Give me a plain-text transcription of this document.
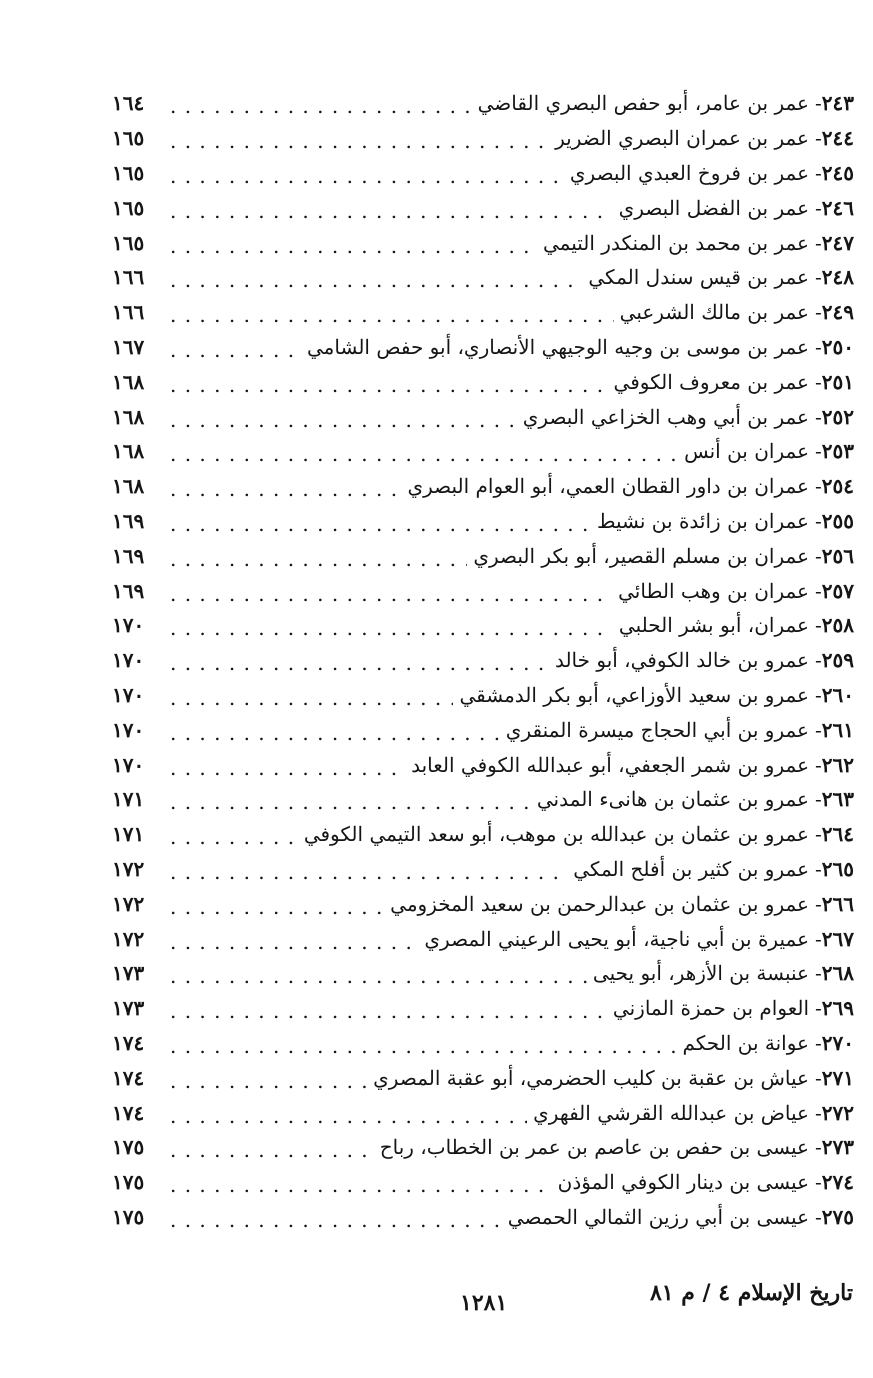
٢٤٣
-
عمر بن عامر، أبو حفص البصري القاضي
. . .
١٦٤
٢٤٤
-
عمر بن عمران البصري الضرير
. . .
١٦٥
٢٤٥
-
عمر بن فروخ العبدي البصري
. . .
١٦٥
٢٤٦
-
عمر بن الفضل البصري
. . .
١٦٥
٢٤٧
-
عمر بن محمد بن المنكدر التيمي
. . .
١٦٥
٢٤٨
-
عمر بن قيس سندل المكي
. . .
١٦٦
٢٤٩
-
عمر بن مالك الشرعبي
. . .
١٦٦
٢٥٠
-
عمر بن موسى بن وجيه الوجيهي الأنصاري، أبو حفص الشامي
. . .
١٦٧
٢٥١
-
عمر بن معروف الكوفي
. . .
١٦٨
٢٥٢
-
عمر بن أبي وهب الخزاعي البصري
. . .
١٦٨
٢٥٣
-
عمران بن أنس
. . .
١٦٨
٢٥٤
-
عمران بن داور القطان العمي، أبو العوام البصري
. . .
١٦٨
٢٥٥
-
عمران بن زائدة بن نشيط
. . .
١٦٩
٢٥٦
-
عمران بن مسلم القصير، أبو بكر البصري
. . .
١٦٩
٢٥٧
-
عمران بن وهب الطائي
. . .
١٦٩
٢٥٨
-
عمران، أبو بشر الحلبي
. . .
١٧٠
٢٥٩
-
عمرو بن خالد الكوفي، أبو خالد
. . .
١٧٠
٢٦٠
-
عمرو بن سعيد الأوزاعي، أبو بكر الدمشقي
. . .
١٧٠
٢٦١
-
عمرو بن أبي الحجاج ميسرة المنقري
. . .
١٧٠
٢٦٢
-
عمرو بن شمر الجعفي، أبو عبدالله الكوفي العابد
. . .
١٧٠
٢٦٣
-
عمرو بن عثمان بن هانىء المدني
. . .
١٧١
٢٦٤
-
عمرو بن عثمان بن عبدالله بن موهب، أبو سعد التيمي الكوفي
. . .
١٧١
٢٦٥
-
عمرو بن كثير بن أفلح المكي
. . .
١٧٢
٢٦٦
-
عمرو بن عثمان بن عبدالرحمن بن سعيد المخزومي
. . .
١٧٢
٢٦٧
-
عميرة بن أبي ناجية، أبو يحيى الرعيني المصري
. . .
١٧٢
٢٦٨
-
عنبسة بن الأزهر، أبو يحيى
. . .
١٧٣
٢٦٩
-
العوام بن حمزة المازني
. . .
١٧٣
٢٧٠
-
عوانة بن الحكم
. . .
١٧٤
٢٧١
-
عياش بن عقبة بن كليب الحضرمي، أبو عقبة المصري
. . .
١٧٤
٢٧٢
-
عياض بن عبدالله القرشي الفهري
. . .
١٧٤
٢٧٣
-
عيسى بن حفص بن عاصم بن عمر بن الخطاب، رباح
. . .
١٧٥
٢٧٤
-
عيسى بن دينار الكوفي المؤذن
. . .
١٧٥
٢٧٥
-
عيسى بن أبي رزين الثمالي الحمصي
. . .
١٧٥
تاريخ الإسلام ٤ / م ٨١
١٢٨١
